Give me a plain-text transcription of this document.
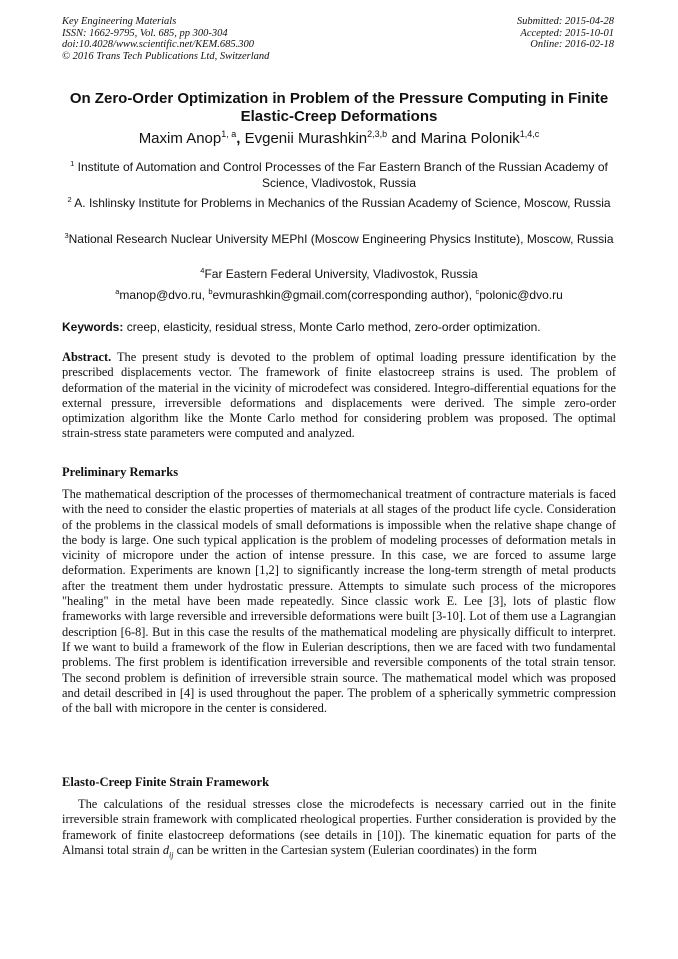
Key Engineering Materials
ISSN: 1662-9795, Vol. 685, pp 300-304
doi:10.4028/www.scientific.net/KEM.685.300
© 2016 Trans Tech Publications Ltd, Switzerland
Submitted: 2015-04-28
Accepted: 2015-10-01
Online: 2016-02-18
On Zero-Order Optimization in Problem of the Pressure Computing in Finite Elastic-Creep Deformations
Maxim Anop$^{1, a}$, Evgenii Murashkin$^{2,3,b}$ and Marina Polonik$^{1,4,c}$
$^1$ Institute of Automation and Control Processes of the Far Eastern Branch of the Russian Academy of Science, Vladivostok, Russia
$^2$ A. Ishlinsky Institute for Problems in Mechanics of the Russian Academy of Science, Moscow, Russia
$^3$National Research Nuclear University MEPhI (Moscow Engineering Physics Institute), Moscow, Russia
$^4$Far Eastern Federal University, Vladivostok, Russia
$^a$manop@dvo.ru, $^b$evmurashkin@gmail.com(corresponding author), $^c$polonic@dvo.ru
Keywords: creep, elasticity, residual stress, Monte Carlo method, zero-order optimization.
Abstract. The present study is devoted to the problem of optimal loading pressure identification by the prescribed displacements vector. The framework of finite elastocreep strains is used. The problem of deformation of the material in the vicinity of microdefect was considered. Integro-differential equations for the external pressure, irreversible deformations and displacements were derived. The simple zero-order optimization algorithm like the Monte Carlo method for considering problem was proposed. The optimal strain-stress state parameters were computed and analyzed.
Preliminary Remarks
The mathematical description of the processes of thermomechanical treatment of contracture materials is faced with the need to consider the elastic properties of materials at all stages of the product life cycle. Consideration of the problems in the classical models of small deformations is impossible when the relative shape change of the body is large. One such typical application is the problem of modeling processes of deformation metals in vicinity of micropore under the action of intense pressure. In this case, we are forced to assume large deformation. Experiments are known [1,2] to significantly increase the long-term strength of metal products after the treatment them under hydrostatic pressure. Attempts to simulate such process of the micropores "healing" in the metal have been made repeatedly. Since classic work E. Lee [3], lots of plastic flow frameworks with large reversible and irreversible deformations were built [3-10]. Lot of them use a Lagrangian description [6-8]. But in this case the results of the mathematical modeling are physically difficult to interpret. If we want to build a framework of the flow in Eulerian descriptions, then we are faced with two fundamental problems. The first problem is identification irreversible and reversible components of the total strain tensor. The second problem is definition of irreversible strain source. The mathematical model which was proposed and detail described in [4] is used throughout the paper. The problem of a spherically symmetric compression of the ball with micropore in the center is considered.
Elasto-Creep Finite Strain Framework
The calculations of the residual stresses close the microdefects is necessary carried out in the finite irreversible strain framework with complicated rheological properties. Further consideration is provided by the framework of finite elastocreep deformations (see details in [10]). The kinematic equation for parts of the Almansi total strain $d_{ij}$ can be written in the Cartesian system (Eulerian coordinates) in the form
